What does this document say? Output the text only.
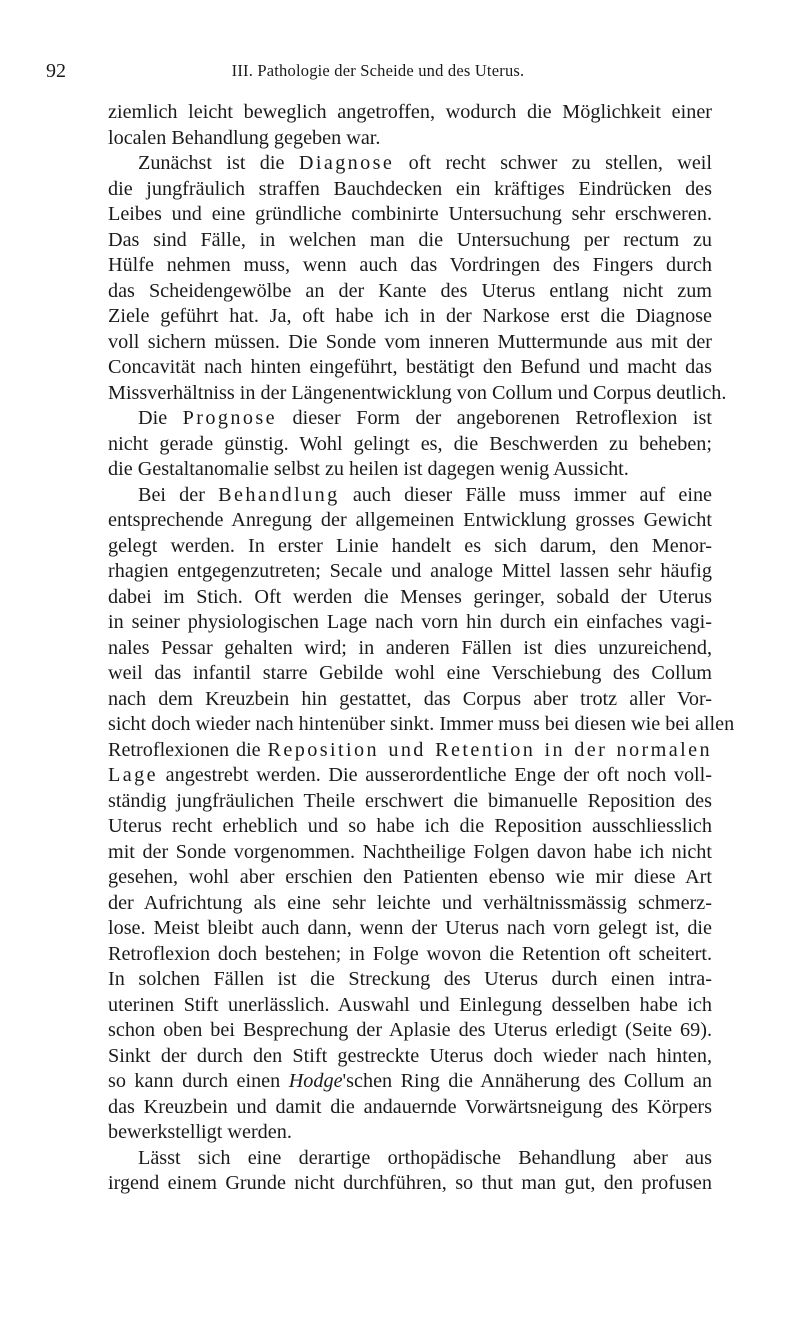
92	III. Pathologie der Scheide und des Uterus.
ziemlich leicht beweglich angetroffen, wodurch die Möglichkeit einer
localen Behandlung gegeben war.
Zunächst ist die Diagnose oft recht schwer zu stellen, weil
die jungfräulich straffen Bauchdecken ein kräftiges Eindrücken des
Leibes und eine gründliche combinirte Untersuchung sehr erschweren.
Das sind Fälle, in welchen man die Untersuchung per rectum zu
Hülfe nehmen muss, wenn auch das Vordringen des Fingers durch
das Scheidengewölbe an der Kante des Uterus entlang nicht zum
Ziele geführt hat. Ja, oft habe ich in der Narkose erst die Diagnose
voll sichern müssen. Die Sonde vom inneren Muttermunde aus mit der
Concavität nach hinten eingeführt, bestätigt den Befund und macht das
Missverhältniss in der Längenentwicklung von Collum und Corpus deutlich.
Die Prognose dieser Form der angeborenen Retroflexion ist
nicht gerade günstig. Wohl gelingt es, die Beschwerden zu beheben;
die Gestaltanomalie selbst zu heilen ist dagegen wenig Aussicht.
Bei der Behandlung auch dieser Fälle muss immer auf eine
entsprechende Anregung der allgemeinen Entwicklung grosses Gewicht
gelegt werden. In erster Linie handelt es sich darum, den Menor-
rhagien entgegenzutreten; Secale und analoge Mittel lassen sehr häufig
dabei im Stich. Oft werden die Menses geringer, sobald der Uterus
in seiner physiologischen Lage nach vorn hin durch ein einfaches vagi-
nales Pessar gehalten wird; in anderen Fällen ist dies unzureichend,
weil das infantil starre Gebilde wohl eine Verschiebung des Collum
nach dem Kreuzbein hin gestattet, das Corpus aber trotz aller Vor-
sicht doch wieder nach hintenüber sinkt. Immer muss bei diesen wie bei allen
Retroflexionen die Reposition und Retention in der normalen
Lage angestrebt werden. Die ausserordentliche Enge der oft noch voll-
ständig jungfräulichen Theile erschwert die bimanuelle Reposition des
Uterus recht erheblich und so habe ich die Reposition ausschliesslich
mit der Sonde vorgenommen. Nachtheilige Folgen davon habe ich nicht
gesehen, wohl aber erschien den Patienten ebenso wie mir diese Art
der Aufrichtung als eine sehr leichte und verhältnissmässig schmerz-
lose. Meist bleibt auch dann, wenn der Uterus nach vorn gelegt ist, die
Retroflexion doch bestehen; in Folge wovon die Retention oft scheitert.
In solchen Fällen ist die Streckung des Uterus durch einen intra-
uterinen Stift unerlässlich. Auswahl und Einlegung desselben habe ich
schon oben bei Besprechung der Aplasie des Uterus erledigt (Seite 69).
Sinkt der durch den Stift gestreckte Uterus doch wieder nach hinten,
so kann durch einen Hodge'schen Ring die Annäherung des Collum an
das Kreuzbein und damit die andauernde Vorwärtsneigung des Körpers
bewerkstelligt werden.
Lässt sich eine derartige orthopädische Behandlung aber aus
irgend einem Grunde nicht durchführen, so thut man gut, den profusen
